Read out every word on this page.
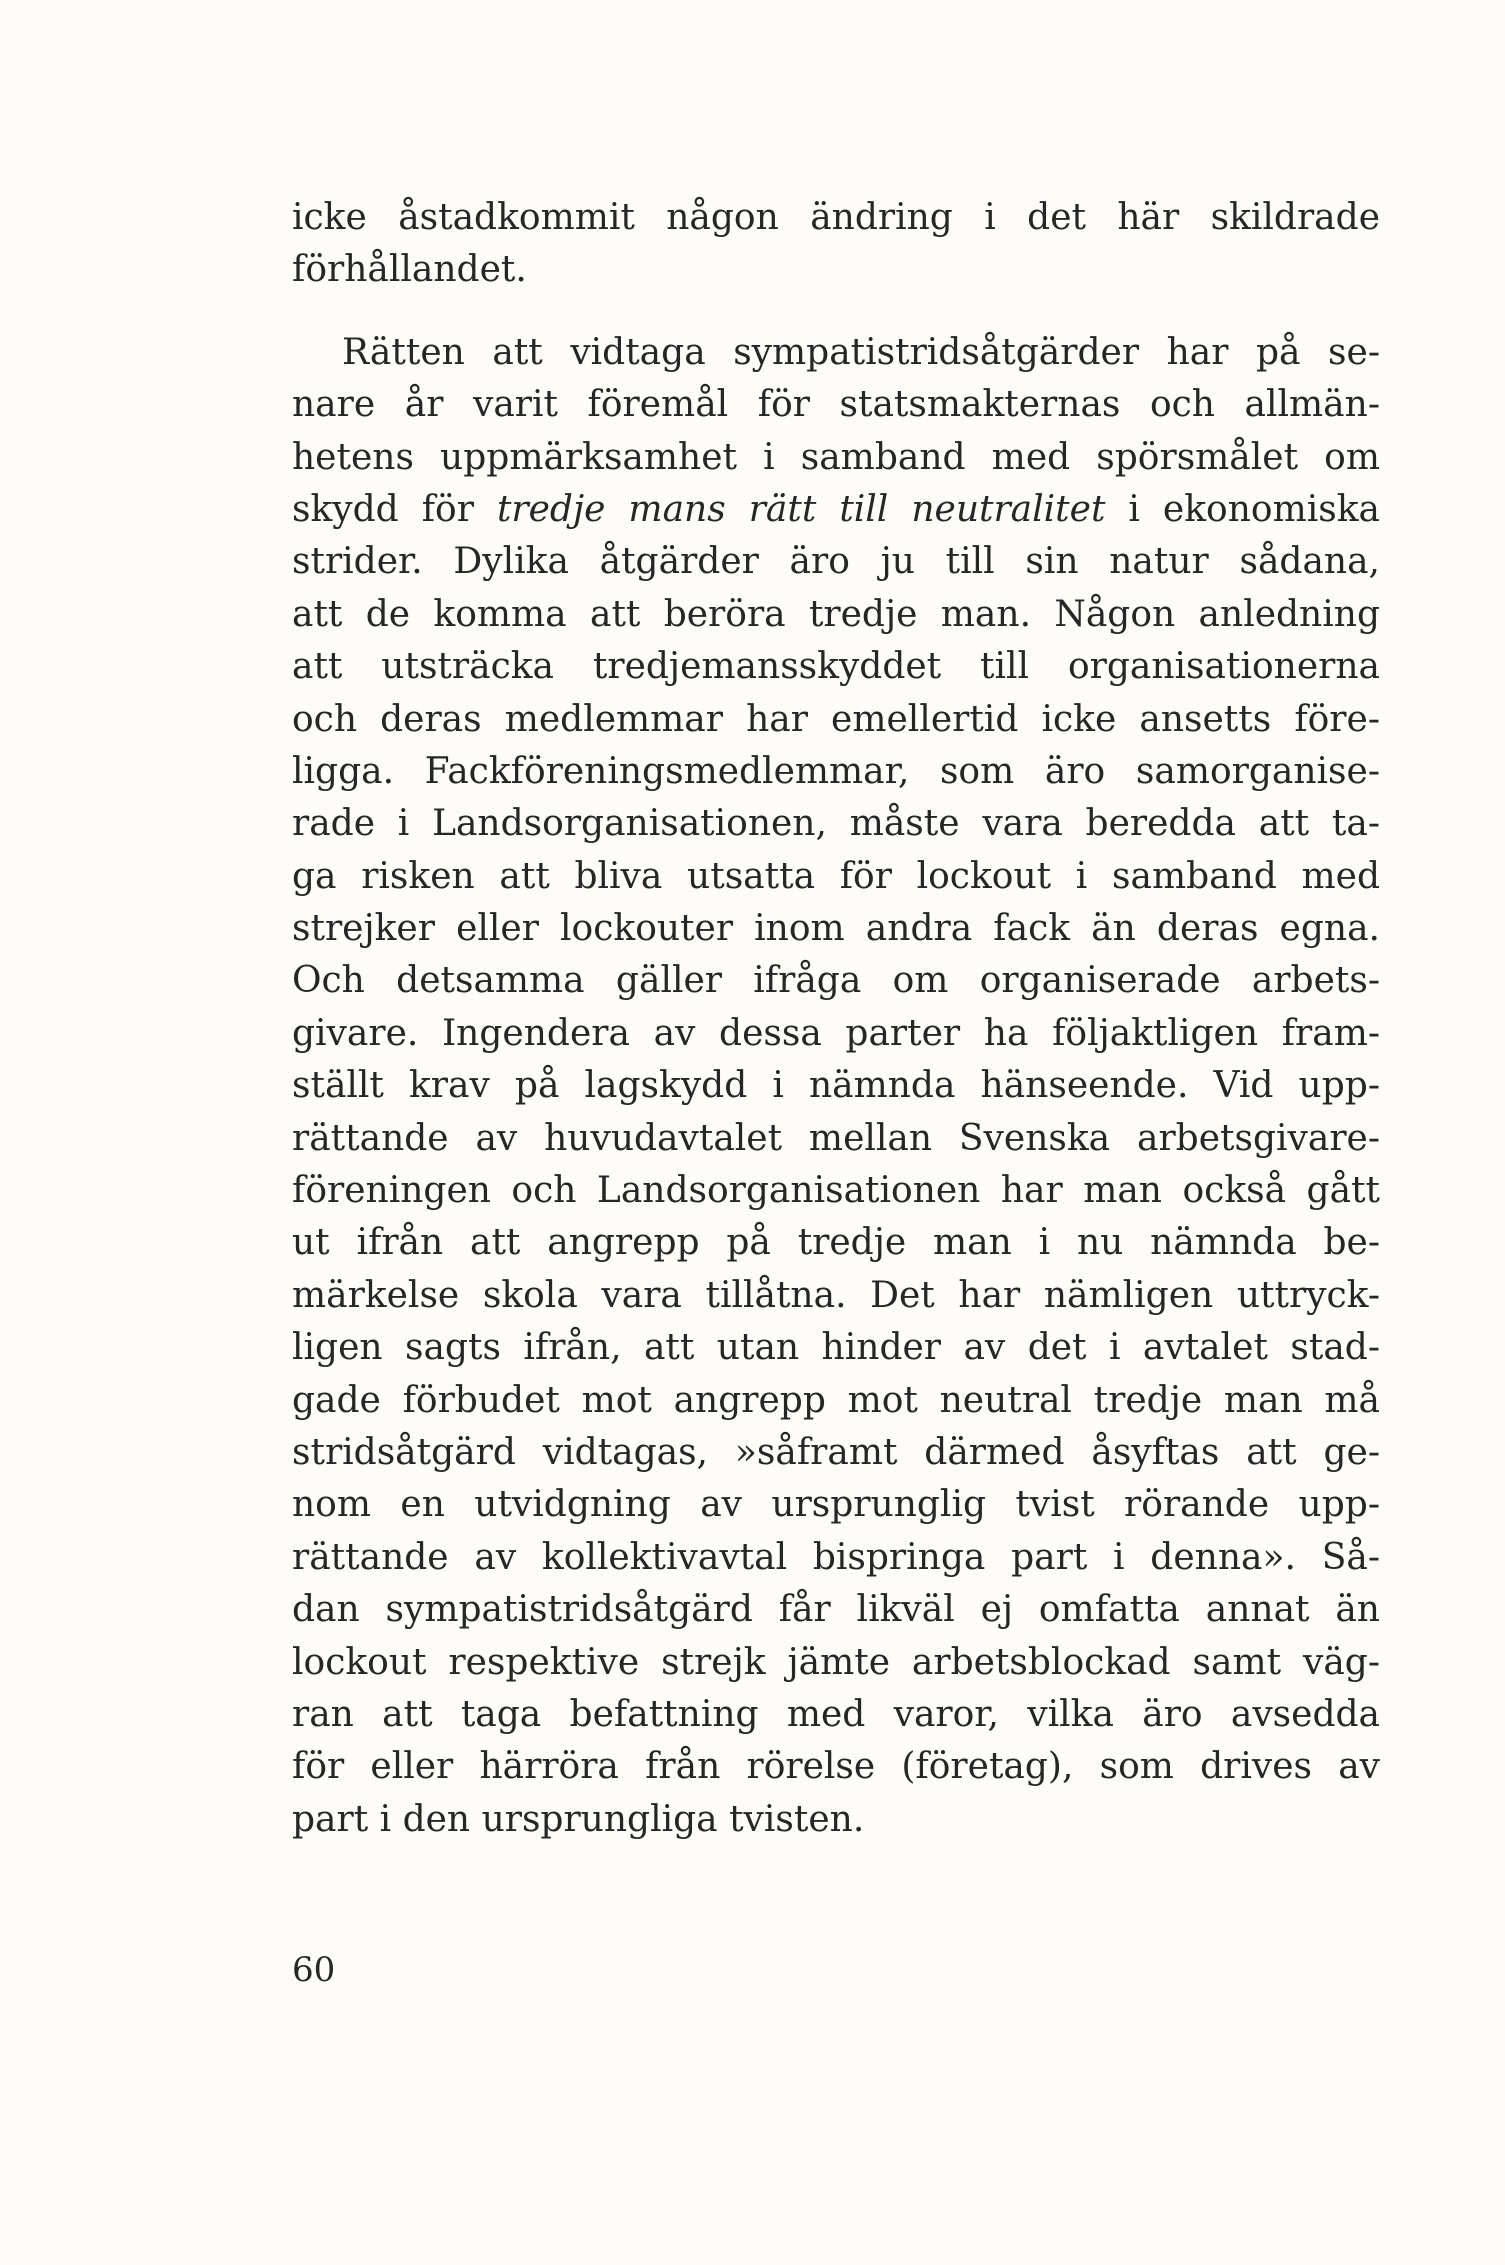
icke åstadkommit någon ändring i det här skildrade
förhållandet.
Rätten att vidtaga sympatistridsåtgärder har på se-
nare år varit föremål för statsmakternas och allmän-
hetens uppmärksamhet i samband med spörsmålet om
skydd för tredje mans rätt till neutralitet i ekonomiska
strider. Dylika åtgärder äro ju till sin natur sådana,
att de komma att beröra tredje man. Någon anledning
att utsträcka tredjemansskyddet till organisationerna
och deras medlemmar har emellertid icke ansetts före-
ligga. Fackföreningsmedlemmar, som äro samorganise-
rade i Landsorganisationen, måste vara beredda att ta-
ga risken att bliva utsatta för lockout i samband med
strejker eller lockouter inom andra fack än deras egna.
Och detsamma gäller ifråga om organiserade arbets-
givare. Ingendera av dessa parter ha följaktligen fram-
ställt krav på lagskydd i nämnda hänseende. Vid upp-
rättande av huvudavtalet mellan Svenska arbetsgivare-
föreningen och Landsorganisationen har man också gått
ut ifrån att angrepp på tredje man i nu nämnda be-
märkelse skola vara tillåtna. Det har nämligen uttryck-
ligen sagts ifrån, att utan hinder av det i avtalet stad-
gade förbudet mot angrepp mot neutral tredje man må
stridsåtgärd vidtagas, »såframt därmed åsyftas att ge-
nom en utvidgning av ursprunglig tvist rörande upp-
rättande av kollektivavtal bispringa part i denna». Så-
dan sympatistridsåtgärd får likväl ej omfatta annat än
lockout respektive strejk jämte arbetsblockad samt väg-
ran att taga befattning med varor, vilka äro avsedda
för eller härröra från rörelse (företag), som drives av
part i den ursprungliga tvisten.
60
